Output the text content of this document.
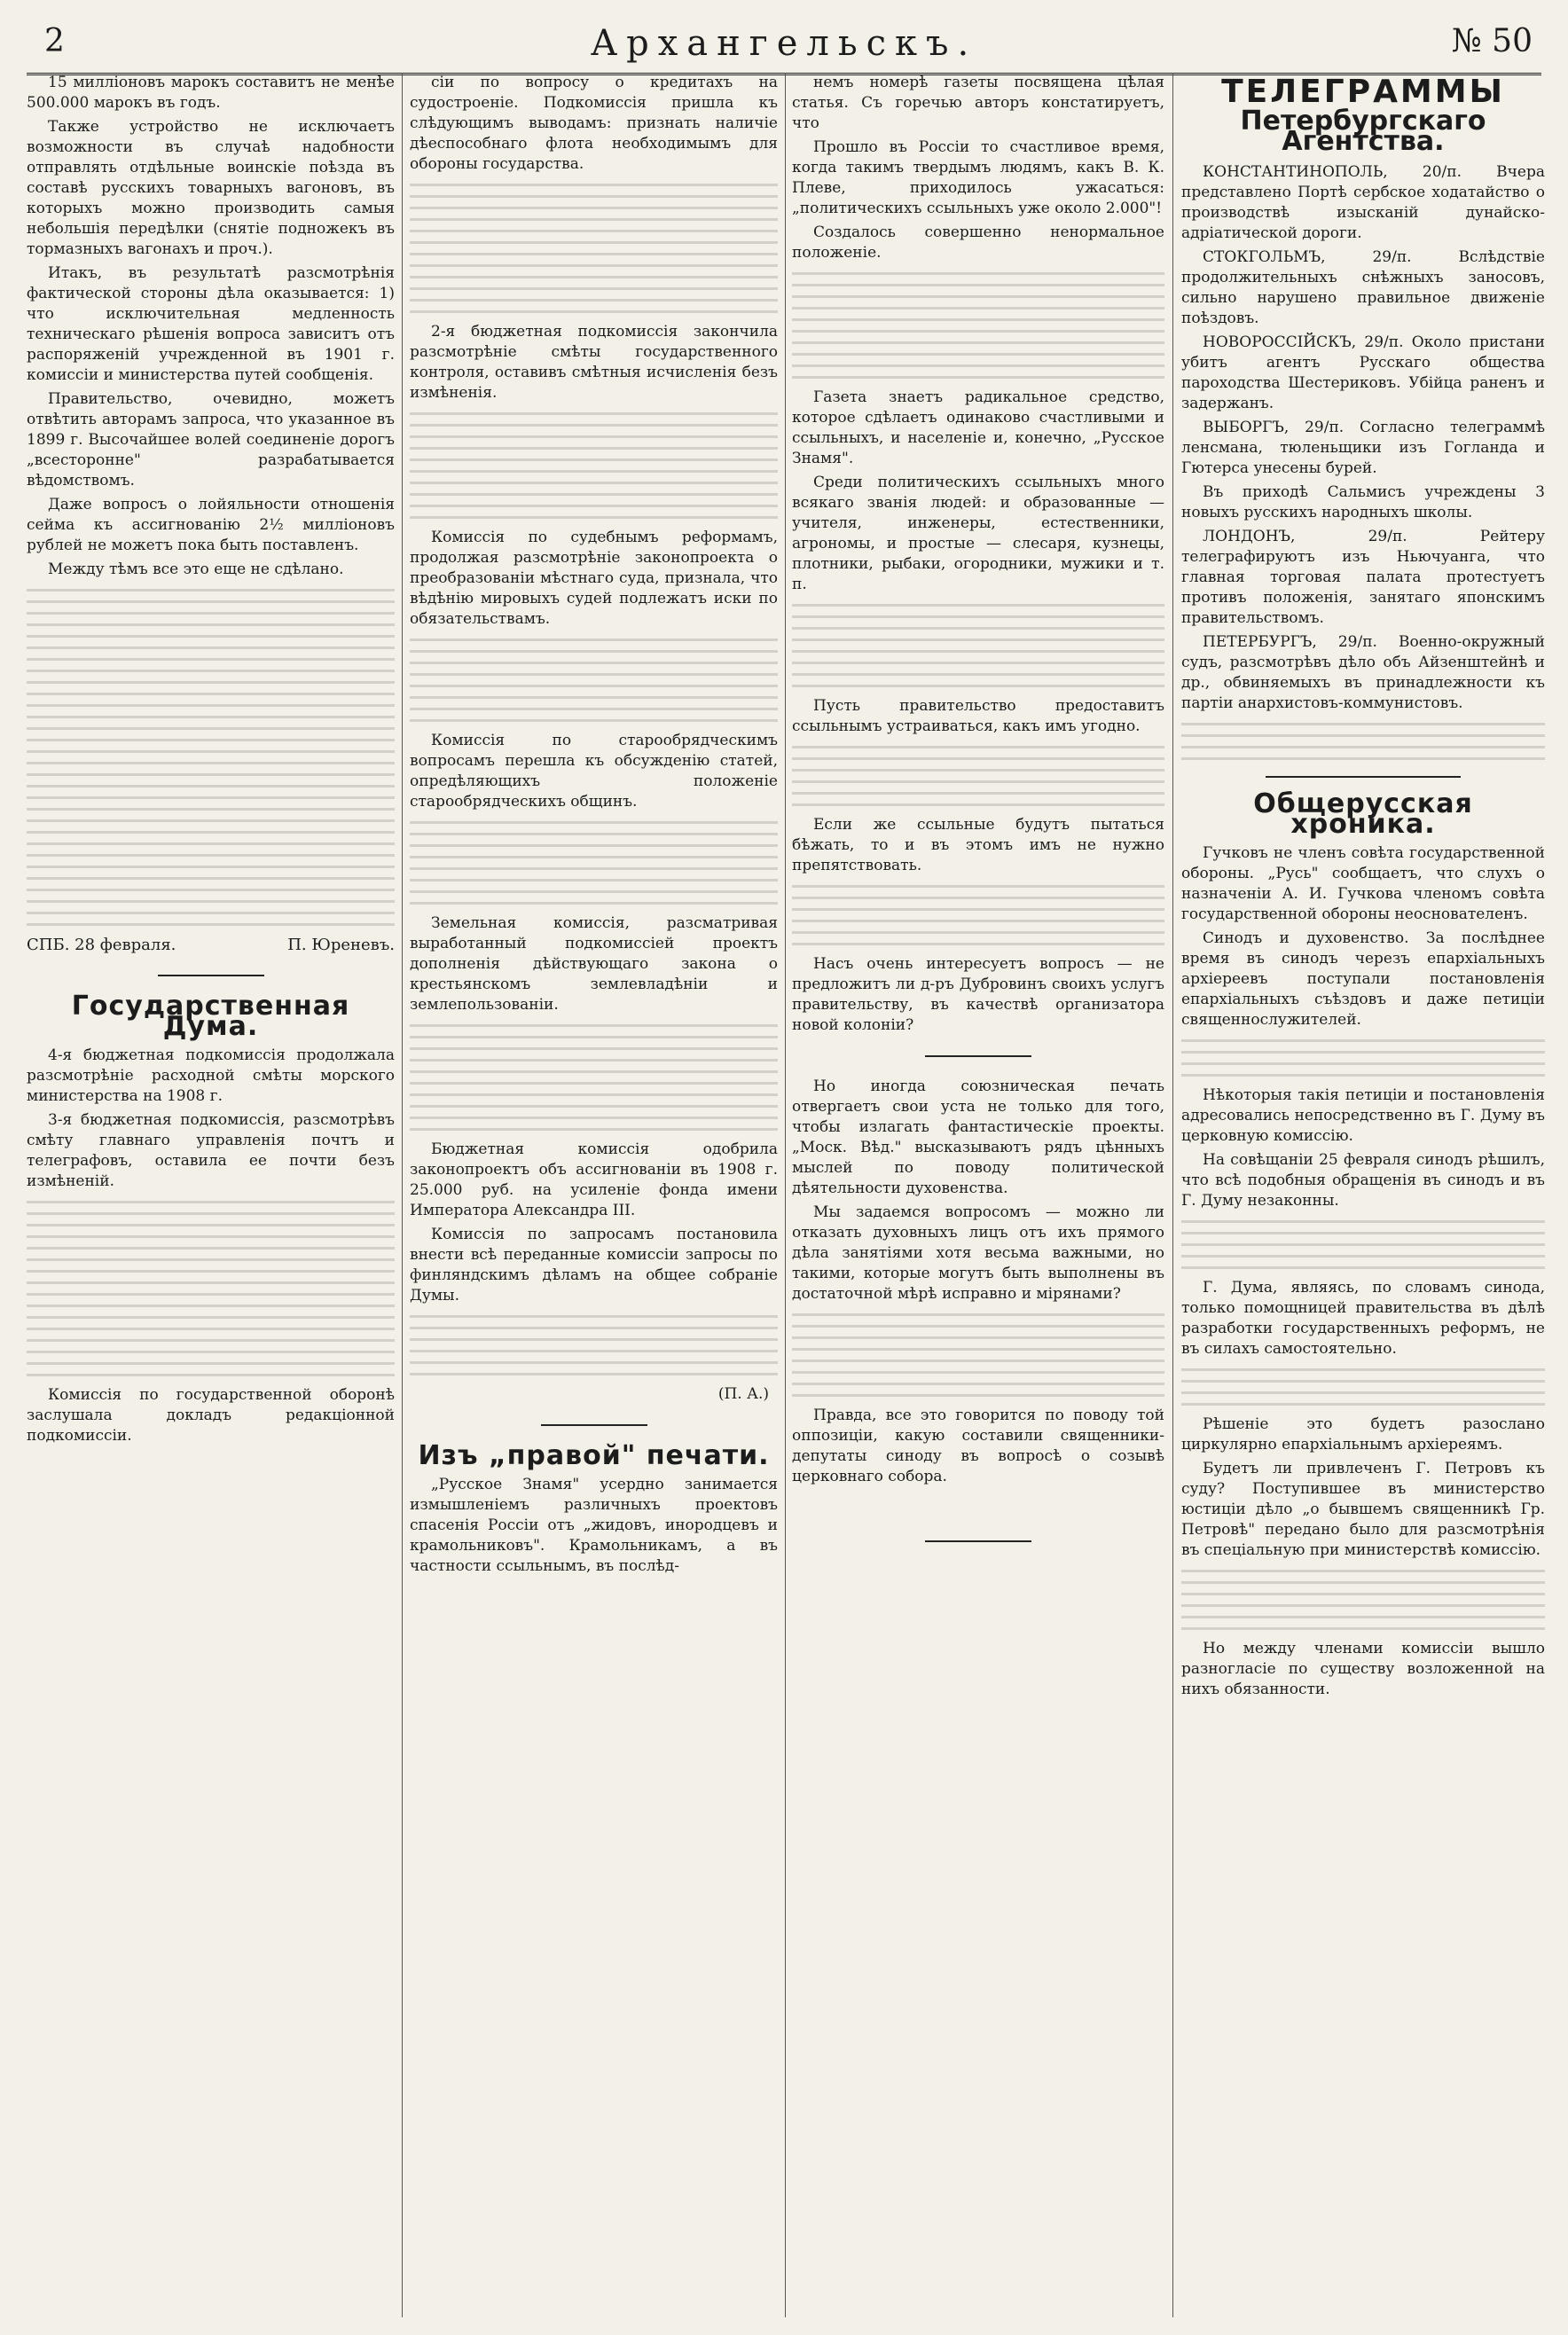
2	Архангельскъ.	№ 50

15 милліоновъ марокъ составитъ не менѣе 500.000 марокъ въ годъ.

Также устройство не исключаетъ возможности въ случаѣ надобности отправлять отдѣльные воинскіе поѣзда въ составѣ русскихъ товарныхъ вагоновъ, въ которыхъ можно производить самыя небольшія передѣлки (снятіе подножекъ въ тормазныхъ вагонахъ и проч.).

Итакъ, въ результатѣ разсмотрѣнія фактической стороны дѣла оказывается: 1) что исключительная медленность техническаго рѣшенія вопроса зависитъ отъ распоряженій учрежденной въ 1901 г. комиссіи и министерства путей сообщенія.

Правительство, очевидно, можетъ отвѣтить авторамъ запроса, что указанное въ 1899 г. Высочайшее волей соединеніе дорогъ „всесторонне" разрабатывается вѣдомствомъ.

Даже вопросъ о лойяльности отношенія сейма къ ассигнованію 2½ милліоновъ рублей не можетъ пока быть поставленъ.

Между тѣмъ все это еще не сдѣлано.

СПБ. 28 февраля.	П. Юреневъ.
Государственная Дума.

4-я бюджетная подкомиссія продолжала разсмотрѣніе расходной смѣты морского министерства на 1908 г.

3-я бюджетная подкомиссія, разсмотрѣвъ смѣту главнаго управленія почтъ и телеграфовъ, оставила ее почти безъ измѣненій.

Комиссія по государственной оборонѣ заслушала докладъ редакціонной подкомиссіи.

сіи по вопросу о кредитахъ на судостроеніе. Подкомиссія пришла къ слѣдующимъ выводамъ: признать наличіе дѣеспособнаго флота необходимымъ для обороны государства.

2-я бюджетная подкомиссія закончила разсмотрѣніе смѣты государственного контроля, оставивъ смѣтныя исчисленія безъ измѣненія.

Комиссія по судебнымъ реформамъ, продолжая разсмотрѣніе законопроекта о преобразованіи мѣстнаго суда, признала, что вѣдѣнію мировыхъ судей подлежатъ иски по обязательствамъ.

Комиссія по старообрядческимъ вопросамъ перешла къ обсужденію статей, опредѣляющихъ положеніе старообрядческихъ общинъ.

Земельная комиссія, разсматривая выработанный подкомиссіей проектъ дополненія дѣйствующаго закона о крестьянскомъ землевладѣніи и землепользованіи.

Бюджетная комиссія одобрила законопроектъ объ ассигнованіи въ 1908 г. 25.000 руб. на усиленіе фонда имени Императора Александра III.

Комиссія по запросамъ постановила внести всѣ переданные комиссіи запросы по финляндскимъ дѣламъ на общее собраніе Думы.

(П. А.)
Изъ „правой" печати.

„Русское Знамя" усердно занимается измышленіемъ различныхъ проектовъ спасенія Россіи отъ „жидовъ, инородцевъ и крамольниковъ". Крамольникамъ, а въ частности ссыльнымъ, въ послѣд-

немъ номерѣ газеты посвящена цѣлая статья. Съ горечью авторъ констатируетъ, что

Прошло въ Россіи то счастливое время, когда такимъ твердымъ людямъ, какъ В. К. Плеве, приходилось ужасаться: „политическихъ ссыльныхъ уже около 2.000"!

Создалось совершенно ненормальное положеніе.

Газета знаетъ радикальное средство, которое сдѣлаетъ одинаково счастливыми и ссыльныхъ, и населеніе и, конечно, „Русское Знамя".

Среди политическихъ ссыльныхъ много всякаго званія людей: и образованные — учителя, инженеры, естественники, агрономы, и простые — слесаря, кузнецы, плотники, рыбаки, огородники, мужики и т. п.

Пусть правительство предоставитъ ссыльнымъ устраиваться, какъ имъ угодно.

Если же ссыльные будутъ пытаться бѣжать, то и въ этомъ имъ не нужно препятствовать.

Насъ очень интересуетъ вопросъ — не предложитъ ли д-ръ Дубровинъ своихъ услугъ правительству, въ качествѣ организатора новой колоніи?

Но иногда союзническая печать отвергаетъ свои уста не только для того, чтобы излагать фантастическіе проекты. „Моск. Вѣд." высказываютъ рядъ цѣнныхъ мыслей по поводу политической дѣятельности духовенства.

Мы задаемся вопросомъ — можно ли отказать духовныхъ лицъ отъ ихъ прямого дѣла занятіями хотя весьма важными, но такими, которые могутъ быть выполнены въ достаточной мѣрѣ исправно и мірянами?

Правда, все это говорится по поводу той оппозиціи, какую составили священники-депутаты синоду въ вопросѣ о созывѣ церковнаго собора.

ТЕЛЕГРАММЫ
Петербургскаго Агентства.

КОНСТАНТИНОПОЛЬ, 20/п. Вчера представлено Портѣ сербское ходатайство о производствѣ изысканій дунайско-адріатической дороги.

СТОКГОЛЬМЪ, 29/п. Вслѣдствіе продолжительныхъ снѣжныхъ заносовъ, сильно нарушено правильное движеніе поѣздовъ.

НОВОРОССІЙСКЪ, 29/п. Около пристани убитъ агентъ Русскаго общества пароходства Шестериковъ. Убійца раненъ и задержанъ.

ВЫБОРГЪ, 29/п. Согласно телеграммѣ ленсмана, тюленьщики изъ Гогланда и Гютерса унесены бурей.

Въ приходѣ Сальмисъ учреждены 3 новыхъ русскихъ народныхъ школы.

ЛОНДОНЪ, 29/п. Рейтеру телеграфируютъ изъ Ньючуанга, что главная торговая палата протестуетъ противъ положенія, занятаго японскимъ правительствомъ.

ПЕТЕРБУРГЪ, 29/п. Военно-окружный судъ, разсмотрѣвъ дѣло объ Айзенштейнѣ и др., обвиняемыхъ въ принадлежности къ партіи анархистовъ-коммунистовъ.

Общерусская хроника.

Гучковъ не членъ совѣта государственной обороны. „Русь" сообщаетъ, что слухъ о назначеніи А. И. Гучкова членомъ совѣта государственной обороны неоснователенъ.

Синодъ и духовенство. За послѣднее время въ синодъ черезъ епархіальныхъ архіереевъ поступали постановленія епархіальныхъ съѣздовъ и даже петиціи священнослужителей.

Нѣкоторыя такія петиціи и постановленія адресовались непосредственно въ Г. Думу въ церковную комиссію.

На совѣщаніи 25 февраля синодъ рѣшилъ, что всѣ подобныя обращенія въ синодъ и въ Г. Думу незаконны.

Г. Дума, являясь, по словамъ синода, только помощницей правительства въ дѣлѣ разработки государственныхъ реформъ, не въ силахъ самостоятельно.

Рѣшеніе это будетъ разослано циркулярно епархіальнымъ архіереямъ.

Будетъ ли привлеченъ Г. Петровъ къ суду? Поступившее въ министерство юстиціи дѣло „о бывшемъ священникѣ Гр. Петровѣ" передано было для разсмотрѣнія въ спеціальную при министерствѣ комиссію.

Но между членами комиссіи вышло разногласіе по существу возложенной на нихъ обязанности.
